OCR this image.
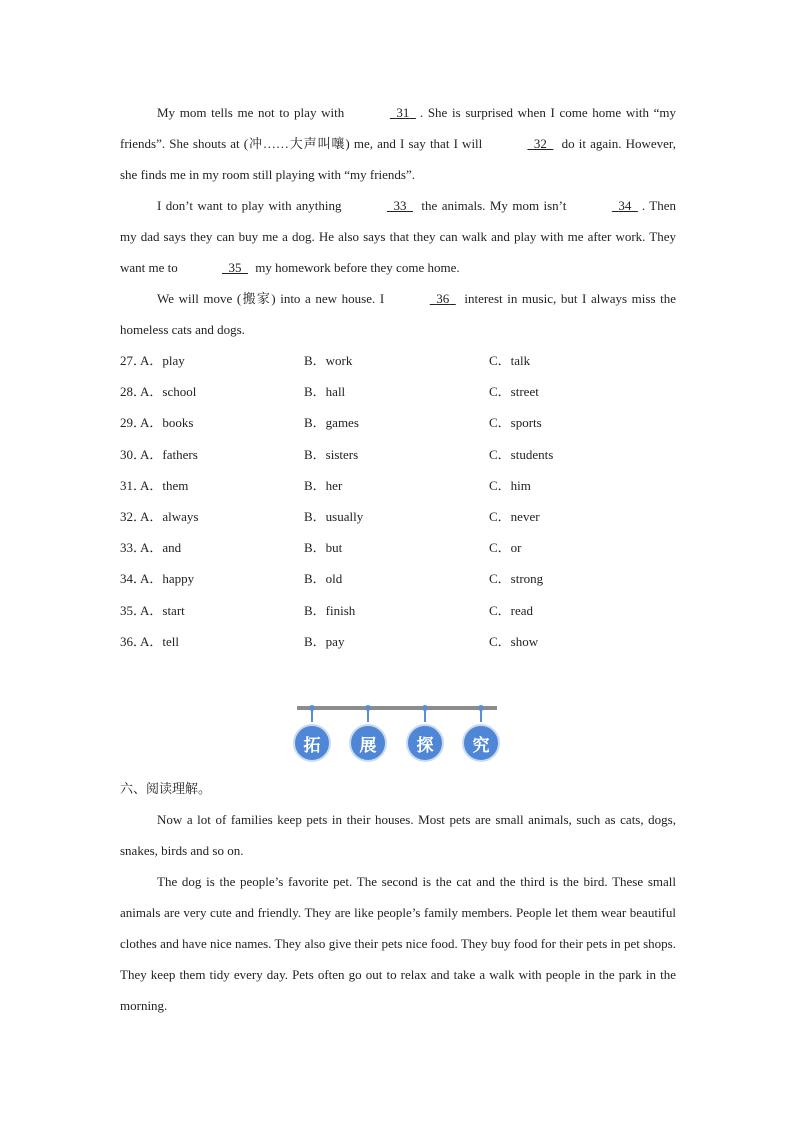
My mom tells me not to play with	31 . She is surprised when I come home with “my friends”. She shouts at (冲……大声叫嚷) me, and I say that I will	32   do it again. However, she finds me in my room still playing with “my friends”.

I don’t want to play with anything	33   the animals. My mom isn’t	34 . Then my dad says they can buy me a dog. He also says that they can walk and play with me after work. They want me to	35   my homework before they come home.

We will move (搬家) into a new house. I	36   interest in music, but I always miss the homeless cats and dogs.

27．
A．play	B．work	C．talk
28．
A．school	B．hall	C．street
29．
A．books	B．games	C．sports
30．
A．fathers	B．sisters	C．students
31．
A．them	B．her	C．him
32．
A．always	B．usually	C．never
33．
A．and	B．but	C．or
34．
A．happy	B．old	C．strong
35．
A．start	B．finish	C．read
36．
A．tell	B．pay	C．show
拓	展	探	究
六、阅读理解。

Now a lot of families keep pets in their houses. Most pets are small animals, such as cats, dogs, snakes, birds and so on.

The dog is the people’s favorite pet. The second is the cat and the third is the bird. These small animals are very cute and friendly. They are like people’s family members. People let them wear beautiful clothes and have nice names. They also give their pets nice food. They buy food for their pets in pet shops. They keep them tidy every day. Pets often go out to relax and take a walk with people in the park in the morning.
